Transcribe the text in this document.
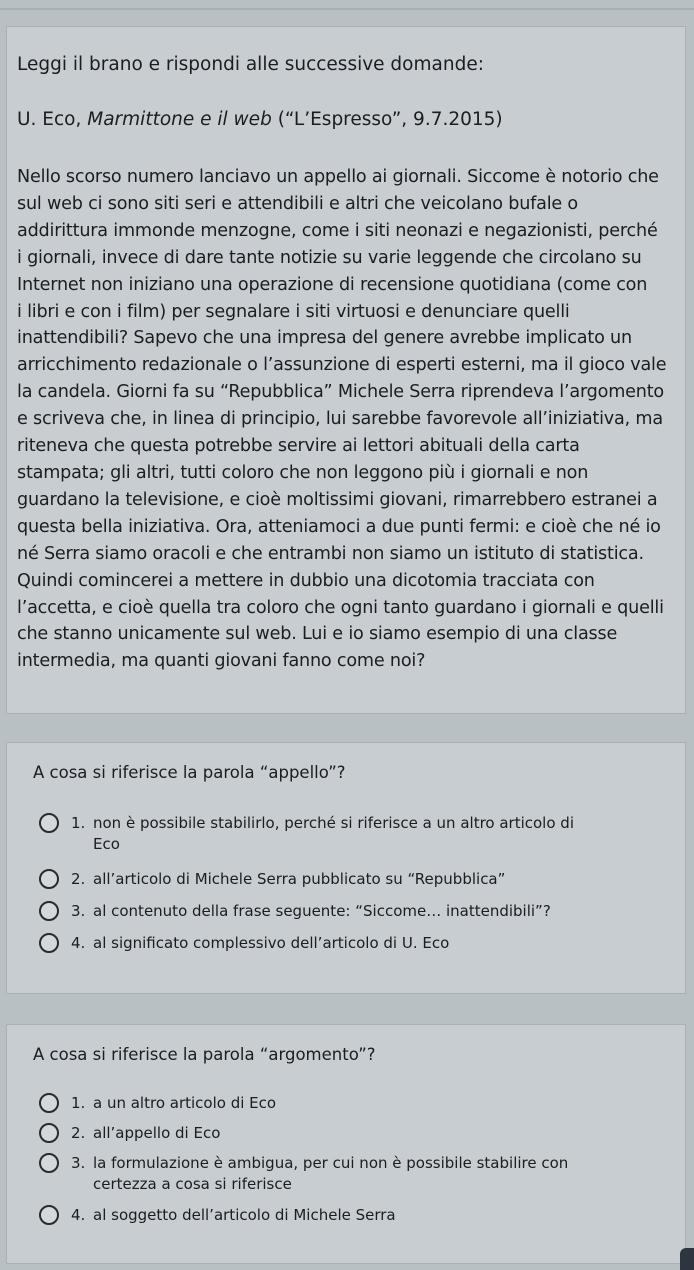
Leggi il brano e rispondi alle successive domande:
U. Eco, Marmittone e il web (“L’Espresso”, 9.7.2015)

Nello scorso numero lanciavo un appello ai giornali. Siccome è notorio che
sul web ci sono siti seri e attendibili e altri che veicolano bufale o
addirittura immonde menzogne, come i siti neonazi e negazionisti, perché
i giornali, invece di dare tante notizie su varie leggende che circolano su
Internet non iniziano una operazione di recensione quotidiana (come con
i libri e con i film) per segnalare i siti virtuosi e denunciare quelli
inattendibili? Sapevo che una impresa del genere avrebbe implicato un
arricchimento redazionale o l’assunzione di esperti esterni, ma il gioco vale
la candela. Giorni fa su “Repubblica” Michele Serra riprendeva l’argomento
e scriveva che, in linea di principio, lui sarebbe favorevole all’iniziativa, ma
riteneva che questa potrebbe servire ai lettori abituali della carta
stampata; gli altri, tutti coloro che non leggono più i giornali e non
guardano la televisione, e cioè moltissimi giovani, rimarrebbero estranei a
questa bella iniziativa. Ora, atteniamoci a due punti fermi: e cioè che né io
né Serra siamo oracoli e che entrambi non siamo un istituto di statistica.
Quindi comincerei a mettere in dubbio una dicotomia tracciata con
l’accetta, e cioè quella tra coloro che ogni tanto guardano i giornali e quelli
che stanno unicamente sul web. Lui e io siamo esempio di una classe
intermedia, ma quanti giovani fanno come noi?

A cosa si riferisce la parola “appello”?
1. non è possibile stabilirlo, perché si riferisce a un altro articolo di
Eco
2. all’articolo di Michele Serra pubblicato su “Repubblica”
3. al contenuto della frase seguente: “Siccome… inattendibili”?
4. al significato complessivo dell’articolo di U. Eco
A cosa si riferisce la parola “argomento”?
1. a un altro articolo di Eco
2. all’appello di Eco
3. la formulazione è ambigua, per cui non è possibile stabilire con
certezza a cosa si riferisce
4. al soggetto dell’articolo di Michele Serra
